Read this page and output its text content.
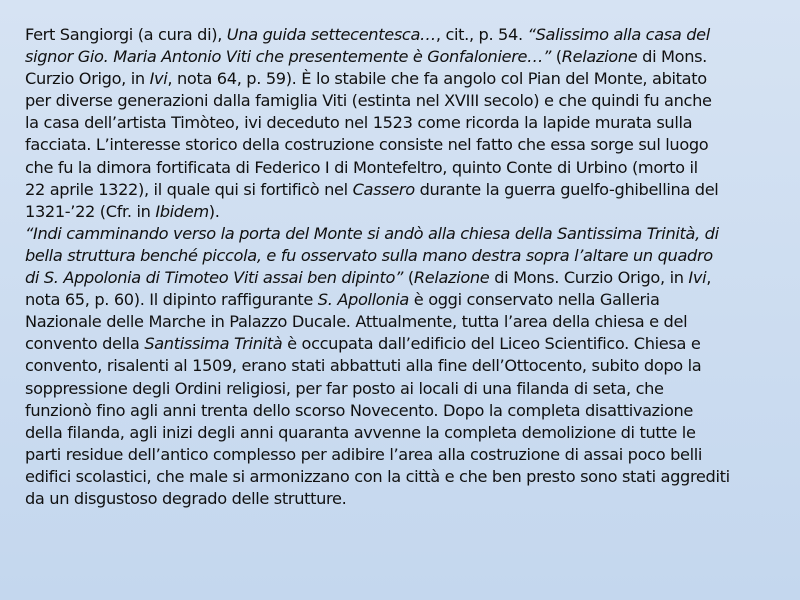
Fert Sangiorgi (a cura di), Una guida settecentesca…, cit., p. 54. “Salissimo alla casa del
signor Gio. Maria Antonio Viti che presentemente è Gonfaloniere…” (Relazione di Mons.
Curzio Origo, in Ivi, nota 64, p. 59). È lo stabile che fa angolo col Pian del Monte, abitato
per diverse generazioni dalla famiglia Viti (estinta nel XVIII secolo) e che quindi fu anche
la casa dell’artista Timòteo, ivi deceduto nel 1523 come ricorda la lapide murata sulla
facciata. L’interesse storico della costruzione consiste nel fatto che essa sorge sul luogo
che fu la dimora fortificata di Federico I di Montefeltro, quinto Conte di Urbino (morto il
22 aprile 1322), il quale qui si fortificò nel Cassero durante la guerra guelfo-ghibellina del
1321-’22 (Cfr. in Ibidem).
“Indi camminando verso la porta del Monte si andò alla chiesa della Santissima Trinità, di
bella struttura benché piccola, e fu osservato sulla mano destra sopra l’altare un quadro
di S. Appolonia di Timoteo Viti assai ben dipinto” (Relazione di Mons. Curzio Origo, in Ivi,
nota 65, p. 60). Il dipinto raffigurante S. Apollonia è oggi conservato nella Galleria
Nazionale delle Marche in Palazzo Ducale. Attualmente, tutta l’area della chiesa e del
convento della Santissima Trinità è occupata dall’edificio del Liceo Scientifico. Chiesa e
convento, risalenti al 1509, erano stati abbattuti alla fine dell’Ottocento, subito dopo la
soppressione degli Ordini religiosi, per far posto ai locali di una filanda di seta, che
funzionò fino agli anni trenta dello scorso Novecento. Dopo la completa disattivazione
della filanda, agli inizi degli anni quaranta avvenne la completa demolizione di tutte le
parti residue dell’antico complesso per adibire l’area alla costruzione di assai poco belli
edifici scolastici, che male si armonizzano con la città e che ben presto sono stati aggrediti
da un disgustoso degrado delle strutture.
